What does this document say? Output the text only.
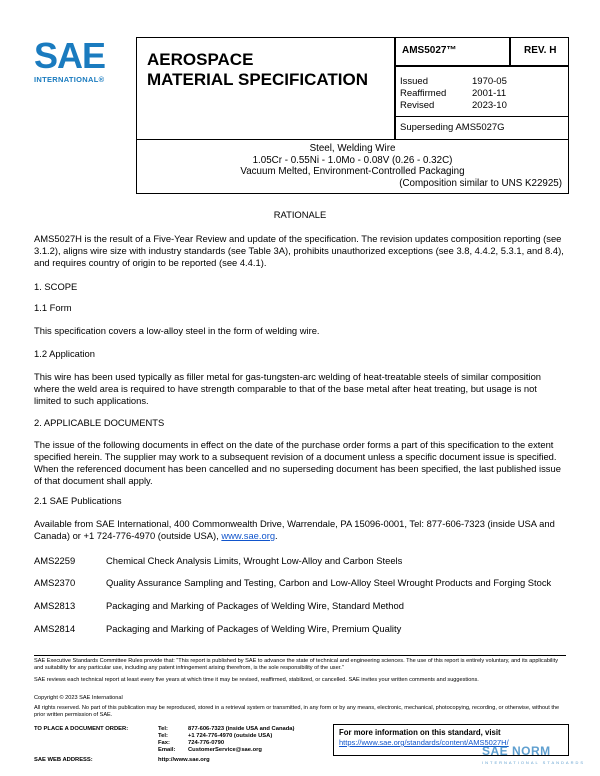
SAE
INTERNATIONAL®
AEROSPACE
MATERIAL SPECIFICATION
AMS5027™	REV. H
Issued	1970-05
Reaffirmed	2001-11
Revised	2023-10
Superseding AMS5027G
Steel, Welding Wire
1.05Cr - 0.55Ni - 1.0Mo - 0.08V (0.26 - 0.32C)
Vacuum Melted, Environment-Controlled Packaging
(Composition similar to UNS K22925)
RATIONALE
AMS5027H is the result of a Five-Year Review and update of the specification. The revision updates composition reporting (see 3.1.2), aligns wire size with industry standards (see Table 3A), prohibits unauthorized exceptions (see 3.8, 4.4.2, 5.3.1, and 8.4), and requires country of origin to be reported (see 4.4.1).
1. SCOPE
1.1 Form
This specification covers a low-alloy steel in the form of welding wire.
1.2 Application
This wire has been used typically as filler metal for gas-tungsten-arc welding of heat-treatable steels of similar composition where the weld area is required to have strength comparable to that of the base metal after heat treating, but usage is not limited to such applications.
2. APPLICABLE DOCUMENTS
The issue of the following documents in effect on the date of the purchase order forms a part of this specification to the extent specified herein. The supplier may work to a subsequent revision of a document unless a specific document issue is specified. When the referenced document has been cancelled and no superseding document has been specified, the last published issue of that document shall apply.
2.1 SAE Publications
Available from SAE International, 400 Commonwealth Drive, Warrendale, PA 15096-0001, Tel: 877-606-7323 (inside USA and Canada) or +1 724-776-4970 (outside USA), www.sae.org.
AMS2259	Chemical Check Analysis Limits, Wrought Low-Alloy and Carbon Steels
AMS2370	Quality Assurance Sampling and Testing, Carbon and Low-Alloy Steel Wrought Products and Forging Stock
AMS2813	Packaging and Marking of Packages of Welding Wire, Standard Method
AMS2814	Packaging and Marking of Packages of Welding Wire, Premium Quality
SAE Executive Standards Committee Rules provide that: “This report is published by SAE to advance the state of technical and engineering sciences. The use of this report is entirely voluntary, and its applicability and suitability for any particular use, including any patent infringement arising therefrom, is the sole responsibility of the user.”
SAE reviews each technical report at least every five years at which time it may be revised, reaffirmed, stabilized, or cancelled. SAE invites your written comments and suggestions.
Copyright © 2023 SAE International
All rights reserved. No part of this publication may be reproduced, stored in a retrieval system or transmitted, in any form or by any means, electronic, mechanical, photocopying, recording, or otherwise, without the prior written permission of SAE.
TO PLACE A DOCUMENT ORDER:	Tel:	877-606-7323 (inside USA and Canada)
	Tel:	+1 724-776-4970 (outside USA)
	Fax:	724-776-0790
	Email:	CustomerService@sae.org
SAE WEB ADDRESS:	http://www.sae.org	
For more information on this standard, visit
https://www.sae.org/standards/content/AMS5027H/
SAE NORM
INTERNATIONAL STANDARDS
